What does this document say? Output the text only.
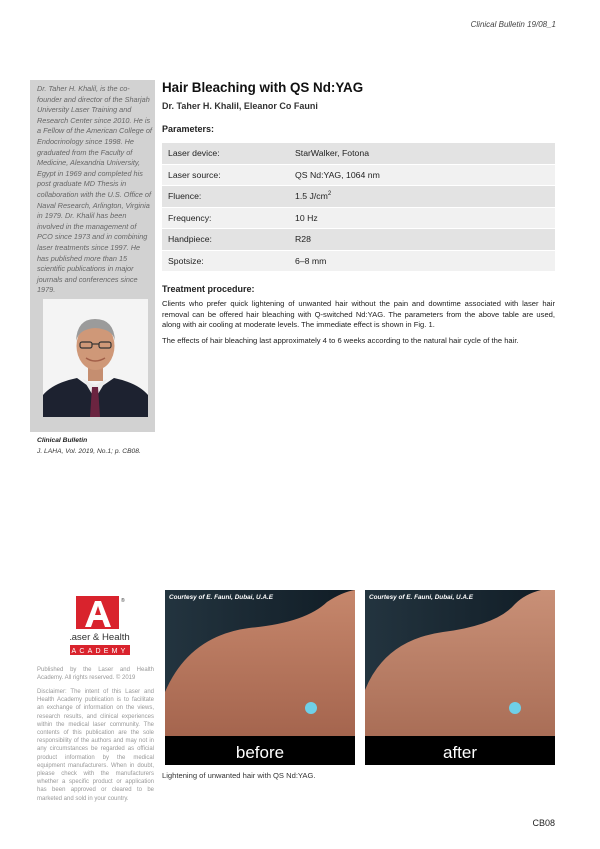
Clinical Bulletin 19/08_1
Dr. Taher H. Khalil, is the co-founder and director of the Sharjah University Laser Training and Research Center since 2010. He is a Fellow of the American College of Endocrinology since 1998. He graduated from the Faculty of Medicine, Alexandria University, Egypt in 1969 and completed his post graduate MD Thesis in collaboration with the U.S. Office of Naval Research, Arlington, Virginia in 1979. Dr. Khalil has been involved in the management of PCO since 1973 and in combining laser treatments since 1997. He has published more than 15 scientific publications in major journals and conferences since 1979.
Clinical Bulletin
J. LAHA, Vol. 2019, No.1; p. CB08.
Hair Bleaching with QS Nd:YAG
Dr. Taher H. Khalil, Eleanor Co Fauni
Parameters:
Laser device:	StarWalker, Fotona
Laser source:	QS Nd:YAG, 1064 nm
Fluence:	1.5 $J/cm^2$
Frequency:	10 Hz
Handpiece:	R28
Spotsize:	6–8 mm
Treatment procedure:
Clients who prefer quick lightening of unwanted hair without the pain and downtime associated with laser hair removal can be offered hair bleaching with Q-switched Nd:YAG. The parameters from the above table are used, along with air cooling at moderate levels. The immediate effect is shown in Fig. 1.
The effects of hair bleaching last approximately 4 to 6 weeks according to the natural hair cycle of the hair.
®
Laser & Health
ACADEMY
Published by the Laser and Health Academy. All rights reserved. © 2019
Disclaimer: The intent of this Laser and Health Academy publication is to facilitate an exchange of information on the views, research results, and clinical experiences within the medical laser community. The contents of this publication are the sole responsibility of the authors and may not in any circumstances be regarded as official product information by the medical equipment manufacturers. When in doubt, please check with the manufacturers whether a specific product or application has been approved or cleared to be marketed and sold in your country.
Courtesy of E. Fauni, Dubai, U.A.E
before
Courtesy of E. Fauni, Dubai, U.A.E
after
Lightening of unwanted hair with QS Nd:YAG.
CB08
